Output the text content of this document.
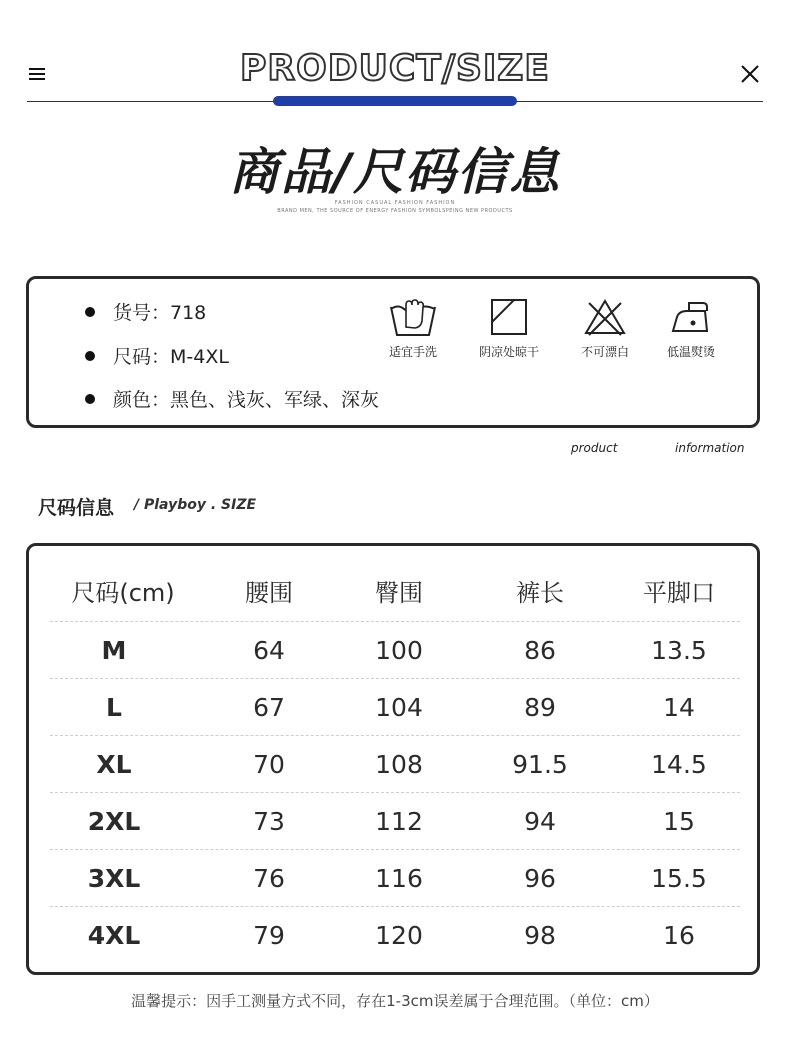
PRODUCT/SIZE
商品/尺码信息
FASHION CASUAL FASHION FASHION
BRAND MEN, THE SOURCE OF ENERGY FASHION SYMBOLSPEING NEW PRODUCTS
货号：718
尺码：M-4XL
颜色：黑色、浅灰、军绿、深灰
适宜手洗	阴凉处晾干	不可漂白	低温熨烫
product	information
尺码信息 / Playboy . SIZE
尺码(cm)	腰围	臀围	裤长	平脚口
M	64	100	86	13.5
L	67	104	89	14
XL	70	108	91.5	14.5
2XL	73	112	94	15
3XL	76	116	96	15.5
4XL	79	120	98	16
温馨提示：因手工测量方式不同，存在1-3cm误差属于合理范围。（单位：cm）
